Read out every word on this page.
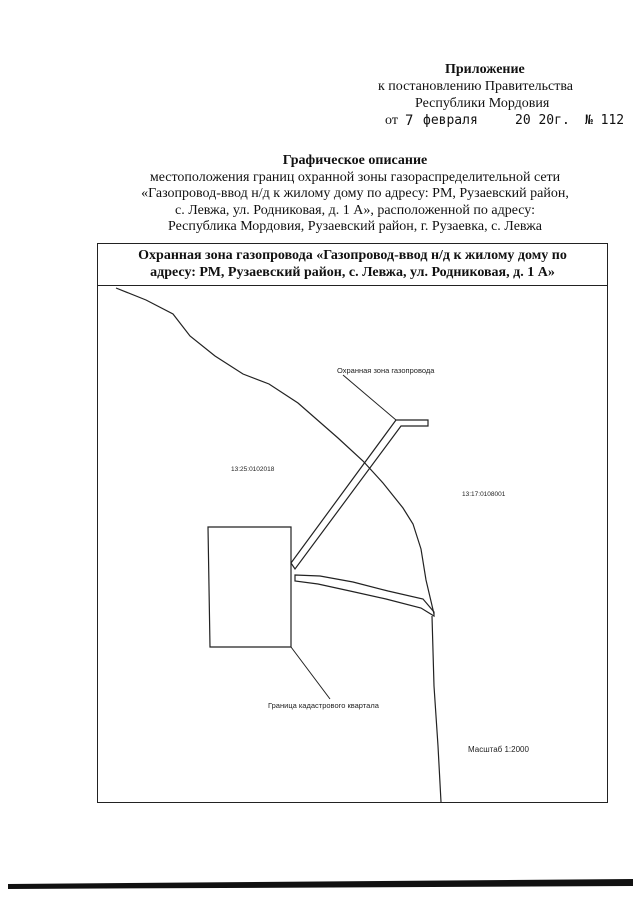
Приложение
к постановлению Правительства
Республики Мордовия
от 7 февраля	20 20г. № 112
Графическое описание
местоположения границ охранной зоны газораспределительной сети
«Газопровод-ввод н/д к жилому дому по адресу: РМ, Рузаевский район,
с. Левжа, ул. Родниковая, д. 1 А», расположенной по адресу:
Республика Мордовия, Рузаевский район, г. Рузаевка, с. Левжа
Охранная зона газопровода «Газопровод-ввод н/д к жилому дому по
адресу: РМ, Рузаевский район, с. Левжа, ул. Родниковая, д. 1 А»
Охранная зона газопровода
13:25:0102018
13:17:0108001
Граница кадастрового квартала
Масштаб 1:2000
